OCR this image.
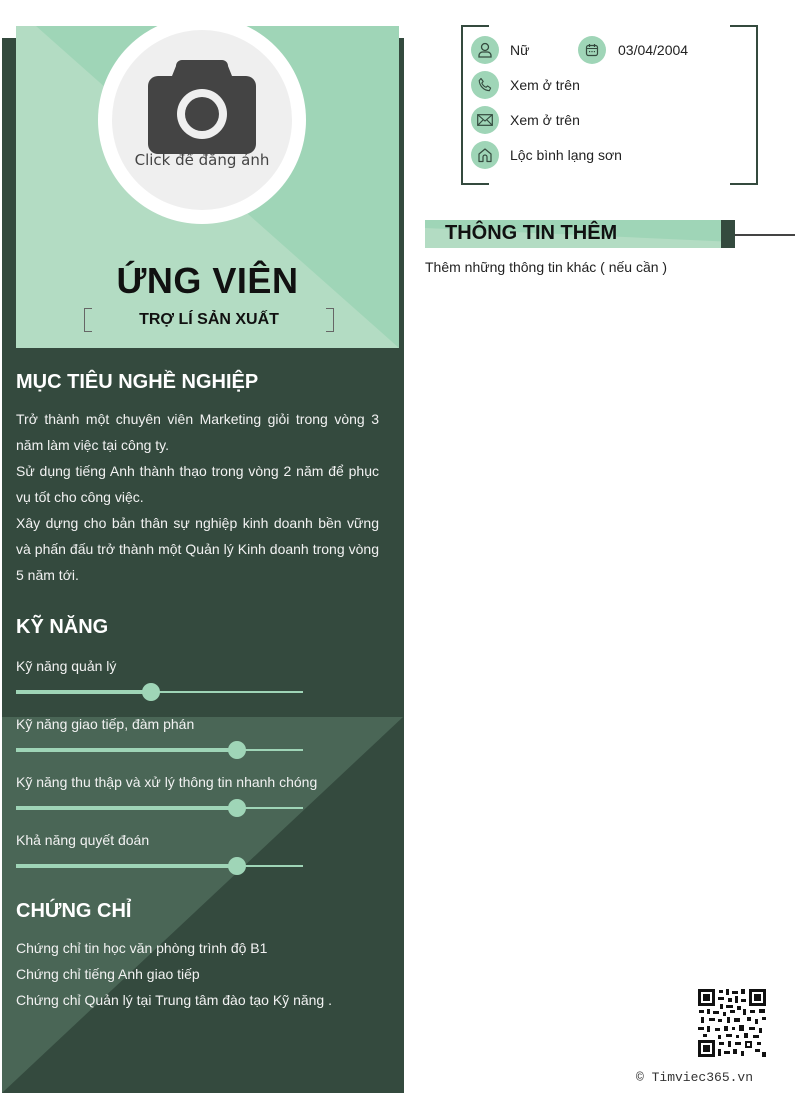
Click để đăng ảnh
ỨNG VIÊN
TRỢ LÍ SẢN XUẤT
MỤC TIÊU NGHỀ NGHIỆP
Trở thành một chuyên viên Marketing giỏi trong vòng 3 năm làm việc tại công ty.
Sử dụng tiếng Anh thành thạo trong vòng 2 năm để phục vụ tốt cho công việc.
Xây dựng cho bản thân sự nghiệp kinh doanh bền vững và phấn đấu trở thành một Quản lý Kinh doanh trong vòng 5 năm tới.
KỸ NĂNG
Kỹ năng quản lý
Kỹ năng giao tiếp, đàm phán
Kỹ năng thu thập và xử lý thông tin nhanh chóng
Khả năng quyết đoán
CHỨNG CHỈ
Chứng chỉ tin học văn phòng trình độ B1
Chứng chỉ tiếng Anh giao tiếp
Chứng chỉ Quản lý tại Trung tâm đào tạo Kỹ năng .
Nữ	03/04/2004
Xem ở trên
Xem ở trên
Lộc bình lạng sơn
THÔNG TIN THÊM
Thêm những thông tin khác ( nếu cần )
© Timviec365.vn
